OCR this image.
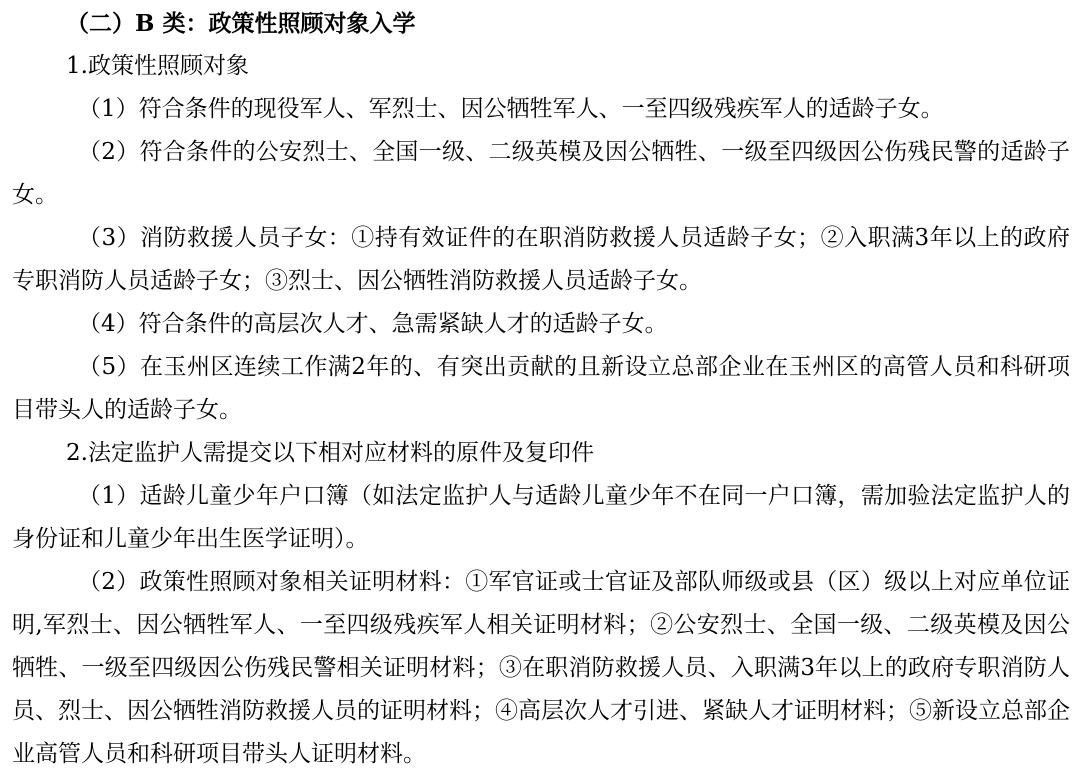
（二）B 类：政策性照顾对象入学
1.政策性照顾对象
（1）符合条件的现役军人、军烈士、因公牺牲军人、一至四级残疾军人的适龄子女。
（2）符合条件的公安烈士、全国一级、二级英模及因公牺牲、一级至四级因公伤残民警的适龄子女。
（3）消防救援人员子女：①持有效证件的在职消防救援人员适龄子女；②入职满3年以上的政府专职消防人员适龄子女；③烈士、因公牺牲消防救援人员适龄子女。
（4）符合条件的高层次人才、急需紧缺人才的适龄子女。
（5）在玉州区连续工作满2年的、有突出贡献的且新设立总部企业在玉州区的高管人员和科研项目带头人的适龄子女。
2.法定监护人需提交以下相对应材料的原件及复印件
（1）适龄儿童少年户口簿（如法定监护人与适龄儿童少年不在同一户口簿，需加验法定监护人的身份证和儿童少年出生医学证明）。
（2）政策性照顾对象相关证明材料：①军官证或士官证及部队师级或县（区）级以上对应单位证明,军烈士、因公牺牲军人、一至四级残疾军人相关证明材料；②公安烈士、全国一级、二级英模及因公牺牲、一级至四级因公伤残民警相关证明材料；③在职消防救援人员、入职满3年以上的政府专职消防人员、烈士、因公牺牲消防救援人员的证明材料；④高层次人才引进、紧缺人才证明材料；⑤新设立总部企业高管人员和科研项目带头人证明材料。
